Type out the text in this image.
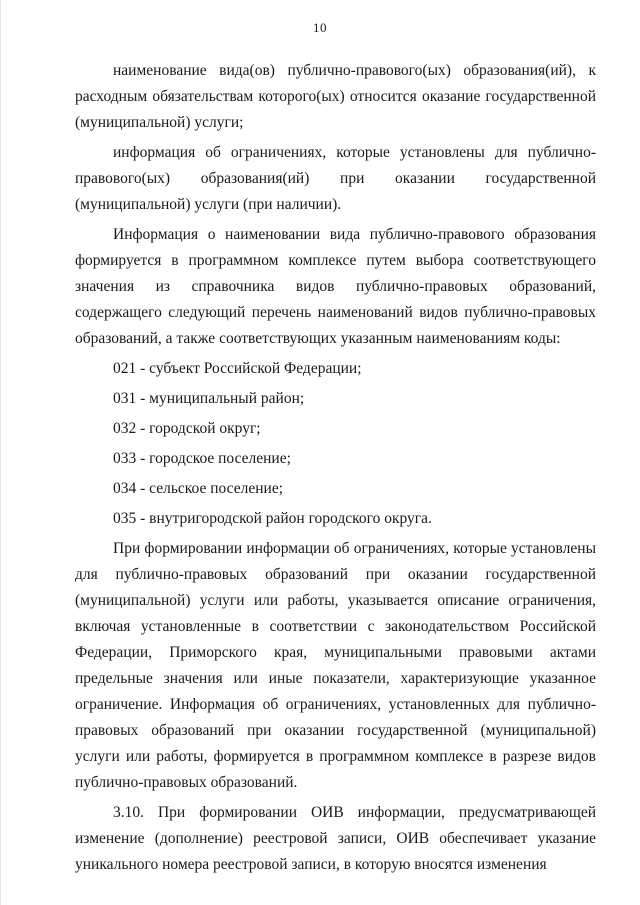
10

наименование вида(ов) публично-правового(ых) образования(ий), к расходным обязательствам которого(ых) относится оказание государственной (муниципальной) услуги;

информация об ограничениях, которые установлены для публично-правового(ых) образования(ий) при оказании государственной (муниципальной) услуги (при наличии).

Информация о наименовании вида публично-правового образования формируется в программном комплексе путем выбора соответствующего значения из справочника видов публично-правовых образований, содержащего следующий перечень наименований видов публично-правовых образований, а также соответствующих указанным наименованиям коды:

021 - субъект Российской Федерации;

031 - муниципальный район;

032 - городской округ;

033 - городское поселение;

034 - сельское поселение;

035 - внутригородской район городского округа.

При формировании информации об ограничениях, которые установлены для публично-правовых образований при оказании государственной (муниципальной) услуги или работы, указывается описание ограничения, включая установленные в соответствии с законодательством Российской Федерации, Приморского края, муниципальными правовыми актами предельные значения или иные показатели, характеризующие указанное ограничение. Информация об ограничениях, установленных для публично-правовых образований при оказании государственной (муниципальной) услуги или работы, формируется в программном комплексе в разрезе видов публично-правовых образований.

3.10. При формировании ОИВ информации, предусматривающей изменение (дополнение) реестровой записи, ОИВ обеспечивает указание уникального номера реестровой записи, в которую вносятся изменения
